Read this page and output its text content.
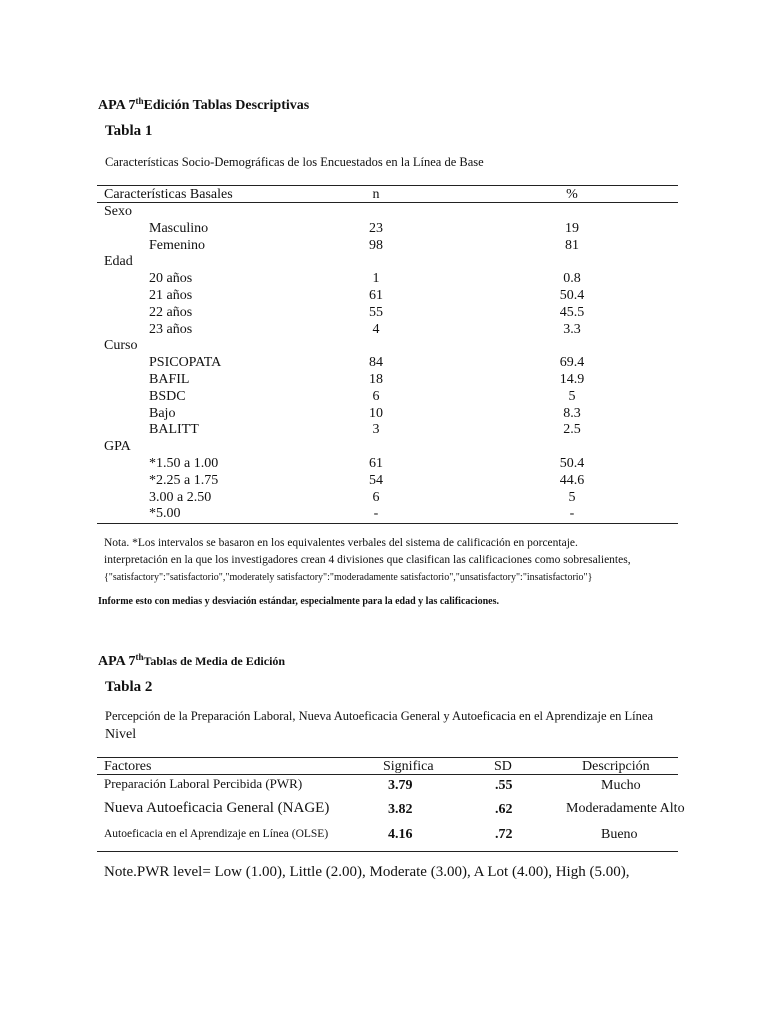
APA 7thEdición Tablas Descriptivas
Tabla 1
Características Socio-Demográficas de los Encuestados en la Línea de Base
Características Basales	n	%
Sexo
Masculino	23	19
Femenino	98	81
Edad
20 años	1	0.8
21 años	61	50.4
22 años	55	45.5
23 años	4	3.3
Curso
PSICOPATA	84	69.4
BAFIL	18	14.9
BSDC	6	5
Bajo	10	8.3
BALITT	3	2.5
GPA
*1.50 a 1.00	61	50.4
*2.25 a 1.75	54	44.6
3.00 a 2.50	6	5
*5.00	-	-
Nota. *Los intervalos se basaron en los equivalentes verbales del sistema de calificación en porcentaje.
interpretación en la que los investigadores crean 4 divisiones que clasifican las calificaciones como sobresalientes,
{"satisfactory":"satisfactorio","moderately satisfactory":"moderadamente satisfactorio","unsatisfactory":"insatisfactorio"}
Informe esto con medias y desviación estándar, especialmente para la edad y las calificaciones.
APA 7thTablas de Media de Edición
Tabla 2
Percepción de la Preparación Laboral, Nueva Autoeficacia General y Autoeficacia en el Aprendizaje en Línea
Nivel
Factores	Significa	SD	Descripción
Preparación Laboral Percibida (PWR)	3.79	.55	Mucho
Nueva Autoeficacia General (NAGE)	3.82	.62	Moderadamente Alto
Autoeficacia en el Aprendizaje en Línea (OLSE)	4.16	.72	Bueno
Note.PWR level= Low (1.00), Little (2.00), Moderate (3.00), A Lot (4.00), High (5.00),
